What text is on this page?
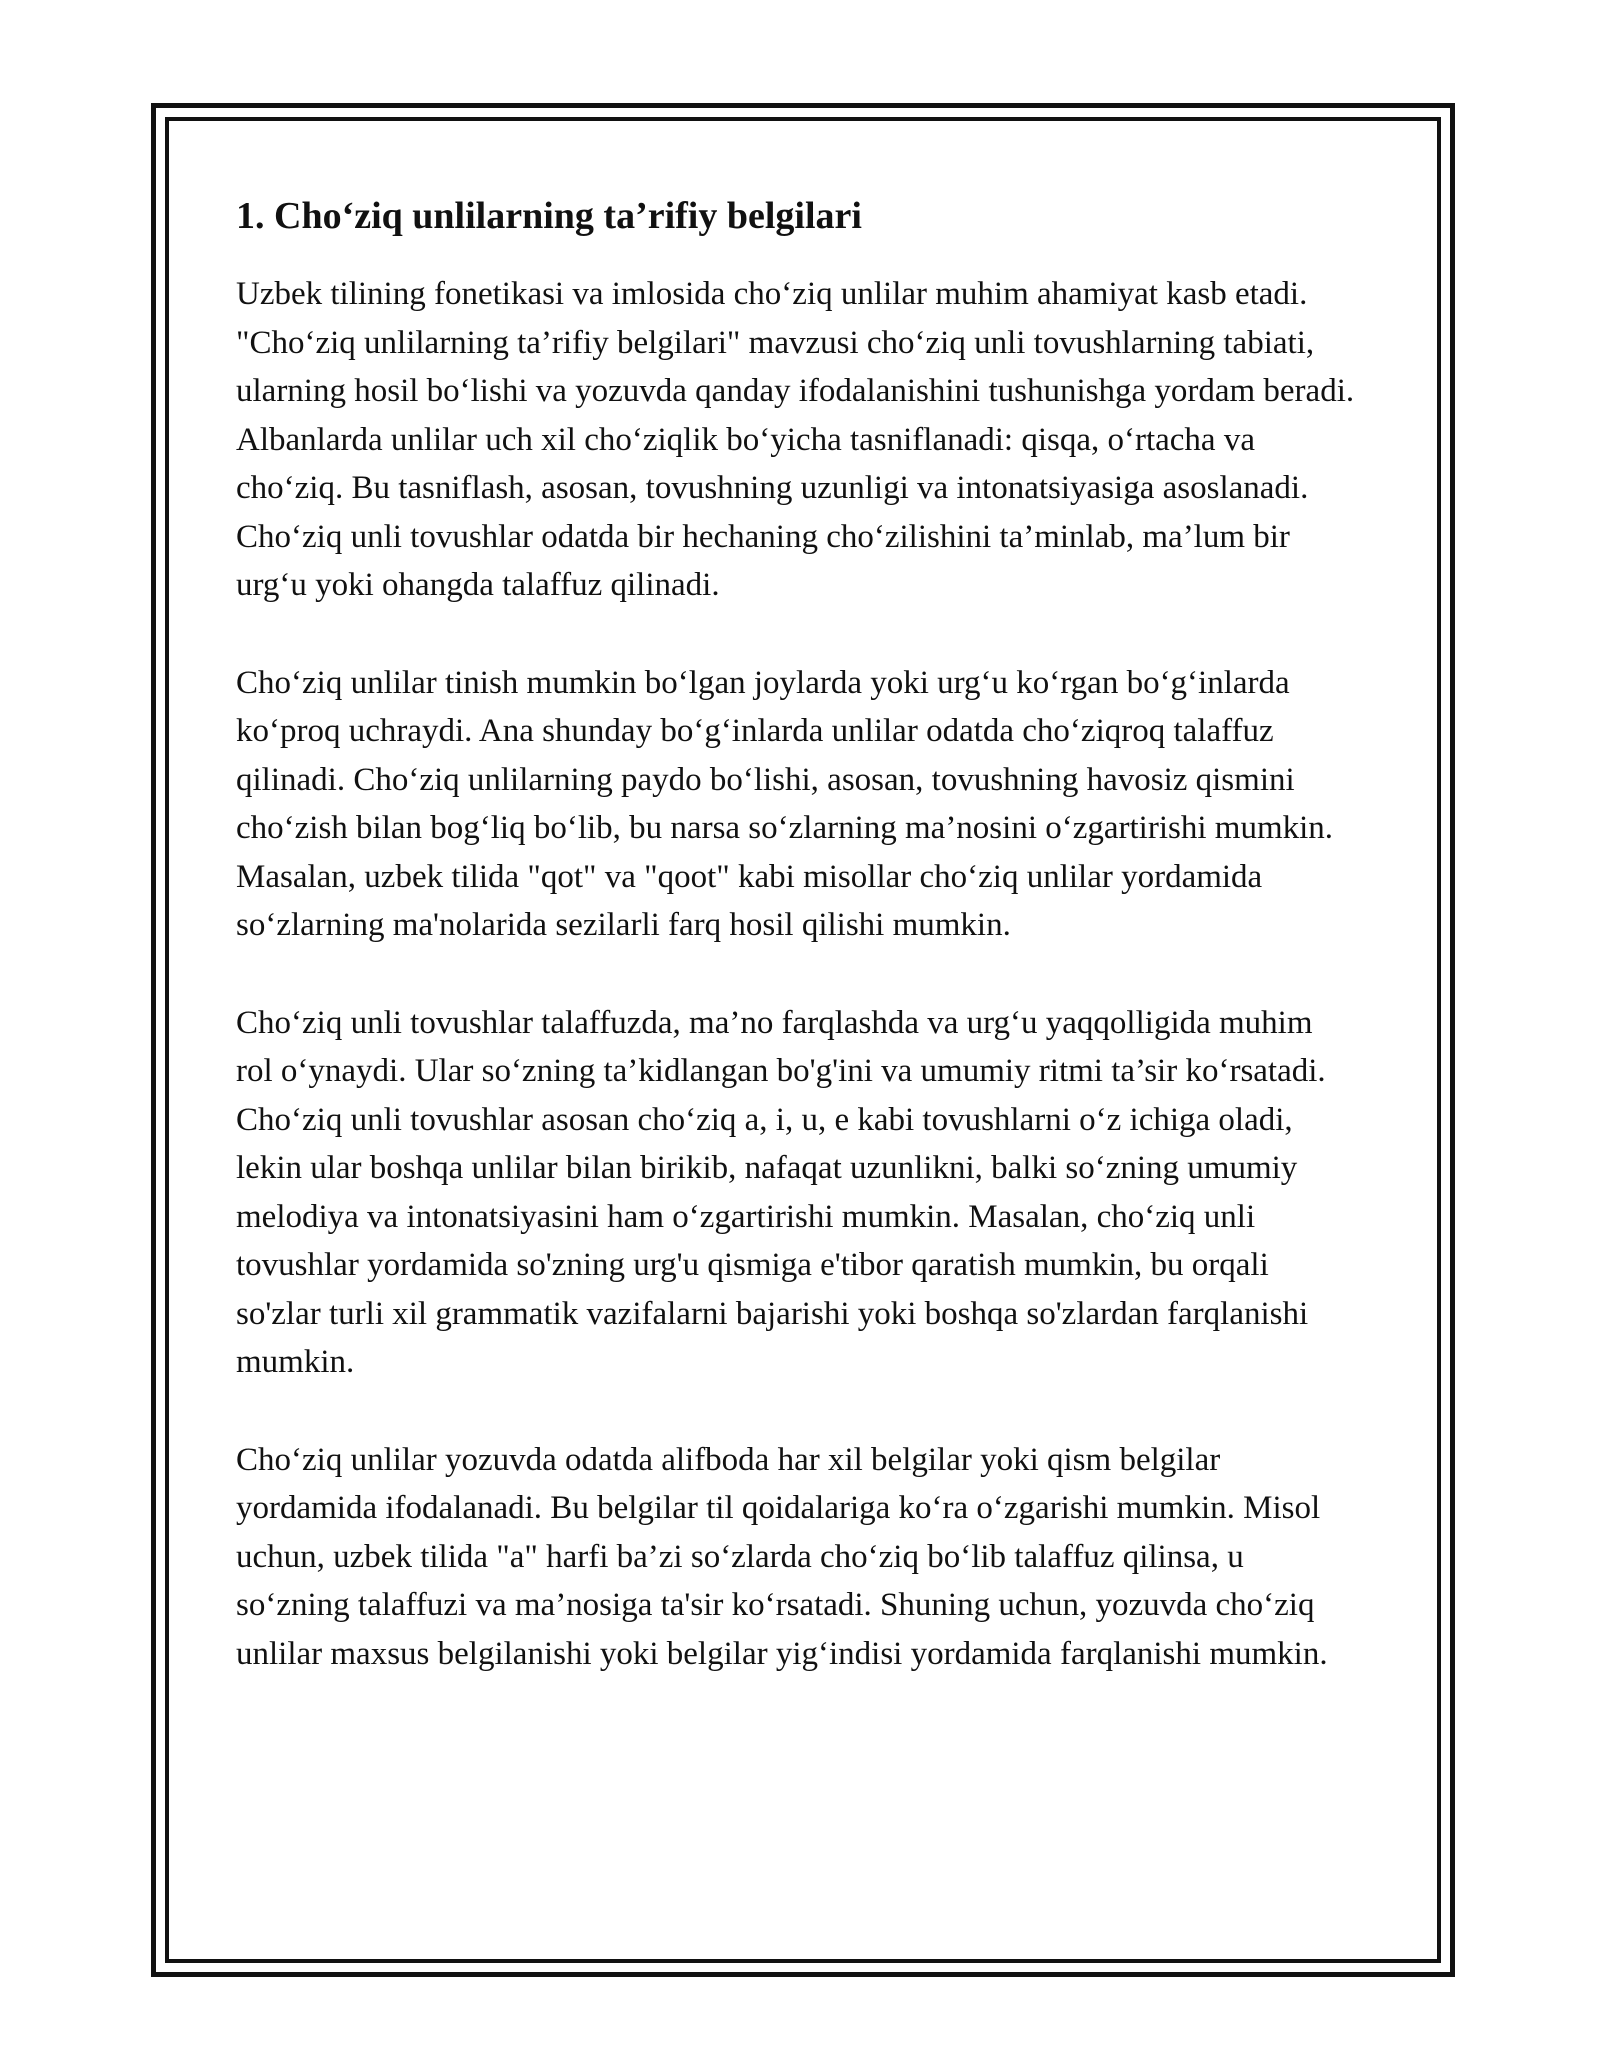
1. Cho‘ziq unlilarning ta’rifiy belgilari

Uzbek tilining fonetikasi va imlosida cho‘ziq unlilar muhim ahamiyat kasb etadi. "Cho‘ziq unlilarning ta’rifiy belgilari" mavzusi cho‘ziq unli tovushlarning tabiati, ularning hosil bo‘lishi va yozuvda qanday ifodalanishini tushunishga yordam beradi. Albanlarda unlilar uch xil cho‘ziqlik bo‘yicha tasniflanadi: qisqa, o‘rtacha va cho‘ziq. Bu tasniflash, asosan, tovushning uzunligi va intonatsiyasiga asoslanadi. Cho‘ziq unli tovushlar odatda bir hechaning cho‘zilishini ta’minlab, ma’lum bir urg‘u yoki ohangda talaffuz qilinadi.

Cho‘ziq unlilar tinish mumkin bo‘lgan joylarda yoki urg‘u ko‘rgan bo‘g‘inlarda ko‘proq uchraydi. Ana shunday bo‘g‘inlarda unlilar odatda cho‘ziqroq talaffuz qilinadi. Cho‘ziq unlilarning paydo bo‘lishi, asosan, tovushning havosiz qismini cho‘zish bilan bog‘liq bo‘lib, bu narsa so‘zlarning ma’nosini o‘zgartirishi mumkin. Masalan, uzbek tilida "qot" va "qoot" kabi misollar cho‘ziq unlilar yordamida so‘zlarning ma'nolarida sezilarli farq hosil qilishi mumkin.

Cho‘ziq unli tovushlar talaffuzda, ma’no farqlashda va urg‘u yaqqolligida muhim rol o‘ynaydi. Ular so‘zning ta’kidlangan bo'g'ini va umumiy ritmi ta’sir ko‘rsatadi. Cho‘ziq unli tovushlar asosan cho‘ziq a, i, u, e kabi tovushlarni o‘z ichiga oladi, lekin ular boshqa unlilar bilan birikib, nafaqat uzunlikni, balki so‘zning umumiy melodiya va intonatsiyasini ham o‘zgartirishi mumkin. Masalan, cho‘ziq unli tovushlar yordamida so'zning urg'u qismiga e'tibor qaratish mumkin, bu orqali so'zlar turli xil grammatik vazifalarni bajarishi yoki boshqa so'zlardan farqlanishi mumkin.

Cho‘ziq unlilar yozuvda odatda alifboda har xil belgilar yoki qism belgilar yordamida ifodalanadi. Bu belgilar til qoidalariga ko‘ra o‘zgarishi mumkin. Misol uchun, uzbek tilida "a" harfi ba’zi so‘zlarda cho‘ziq bo‘lib talaffuz qilinsa, u so‘zning talaffuzi va ma’nosiga ta'sir ko‘rsatadi. Shuning uchun, yozuvda cho‘ziq unlilar maxsus belgilanishi yoki belgilar yig‘indisi yordamida farqlanishi mumkin.
